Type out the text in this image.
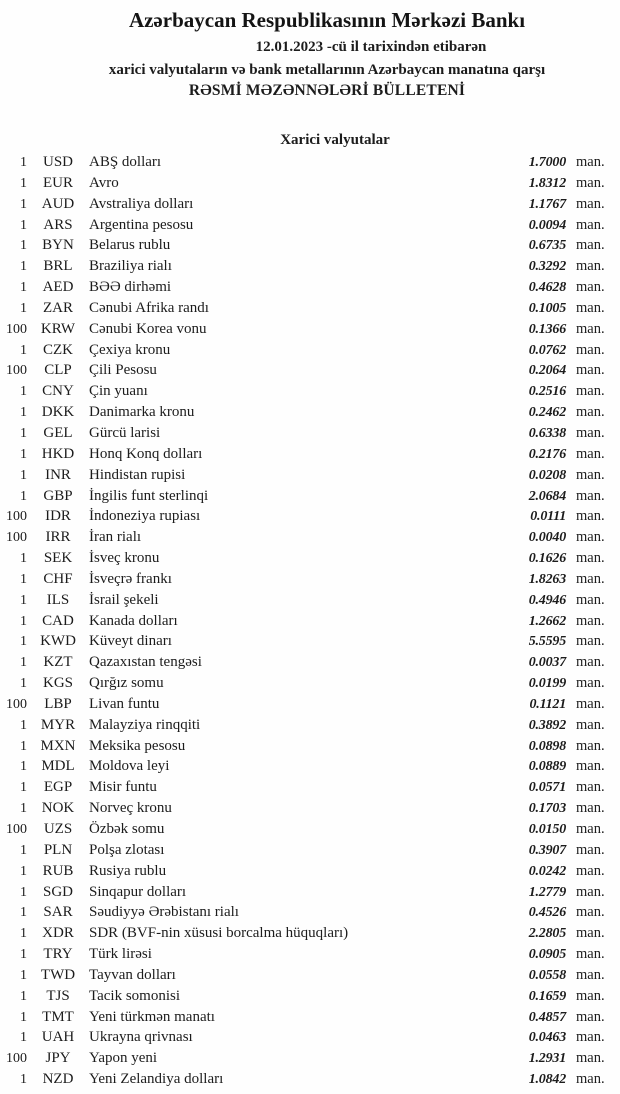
Azərbaycan Respublikasının Mərkəzi Bankı
12.01.2023 -cü il tarixindən etibarən
xarici valyutaların və bank metallarının Azərbaycan manatına qarşı
RƏSMİ MƏZƏNNƏLƏRİ BÜLLETENİ
Xarici valyutalar
1	USD	ABŞ dolları	1.7000 man.
1	EUR	Avro	1.8312 man.
1 AUD Avstraliya dolları	1.1767 man.
1	ARS	Argentina pesosu	0.0094 man.
1	BYN	Belarus rublu	0.6735 man.
1	BRL	Braziliya rialı	0.3292 man.
1	AED	BƏƏ dirhəmi	0.4628 man.
1	ZAR	Cənubi Afrika randı	0.1005 man.
100 KRW Cənubi Korea vonu	0.1366 man.
1	CZK	Çexiya kronu	0.0762 man.
100	CLP	Çili Pesosu	0.2064 man.
1	CNY	Çin yuanı	0.2516 man.
1 DKK Danimarka kronu	0.2462 man.
1	GEL	Gürcü larisi	0.6338 man.
1 HKD Honq Konq dolları	0.2176 man.
1	INR	Hindistan rupisi	0.0208 man.
1	GBP	İngilis funt sterlinqi	2.0684 man.
100	IDR	İndoneziya rupiası	0.0111 man.
100	IRR	İran rialı	0.0040 man.
1	SEK	İsveç kronu	0.1626 man.
1	CHF	İsveçrə frankı	1.8263 man.
1	ILS	İsrail şekeli	0.4946 man.
1	CAD	Kanada dolları	1.2662 man.
1 KWD Küveyt dinarı	5.5595 man.
1	KZT	Qazaxıstan tengəsi	0.0037 man.
1	KGS	Qırğız somu	0.0199 man.
100	LBP	Livan funtu	0.1121 man.
1 MYR Malayziya rinqqiti	0.3892 man.
1 MXN Meksika pesosu	0.0898 man.
1 MDL Moldova leyi	0.0889 man.
1	EGP	Misir funtu	0.0571 man.
1 NOK Norveç kronu	0.1703 man.
100	UZS	Özbək somu	0.0150 man.
1	PLN	Polşa zlotası	0.3907 man.
1	RUB	Rusiya rublu	0.0242 man.
1	SGD	Sinqapur dolları	1.2779 man.
1	SAR	Səudiyyə Ərəbistanı rialı	0.4526 man.
1	XDR	SDR (BVF-nin xüsusi borcalma hüquqları)	2.2805 man.
1	TRY	Türk lirəsi	0.0905 man.
1 TWD Tayvan dolları	0.0558 man.
1	TJS	Tacik somonisi	0.1659 man.
1	TMT	Yeni türkmən manatı	0.4857 man.
1 UAH Ukrayna qrivnası	0.0463 man.
100	JPY	Yapon yeni	1.2931 man.
1	NZD	Yeni Zelandiya dolları	1.0842 man.
